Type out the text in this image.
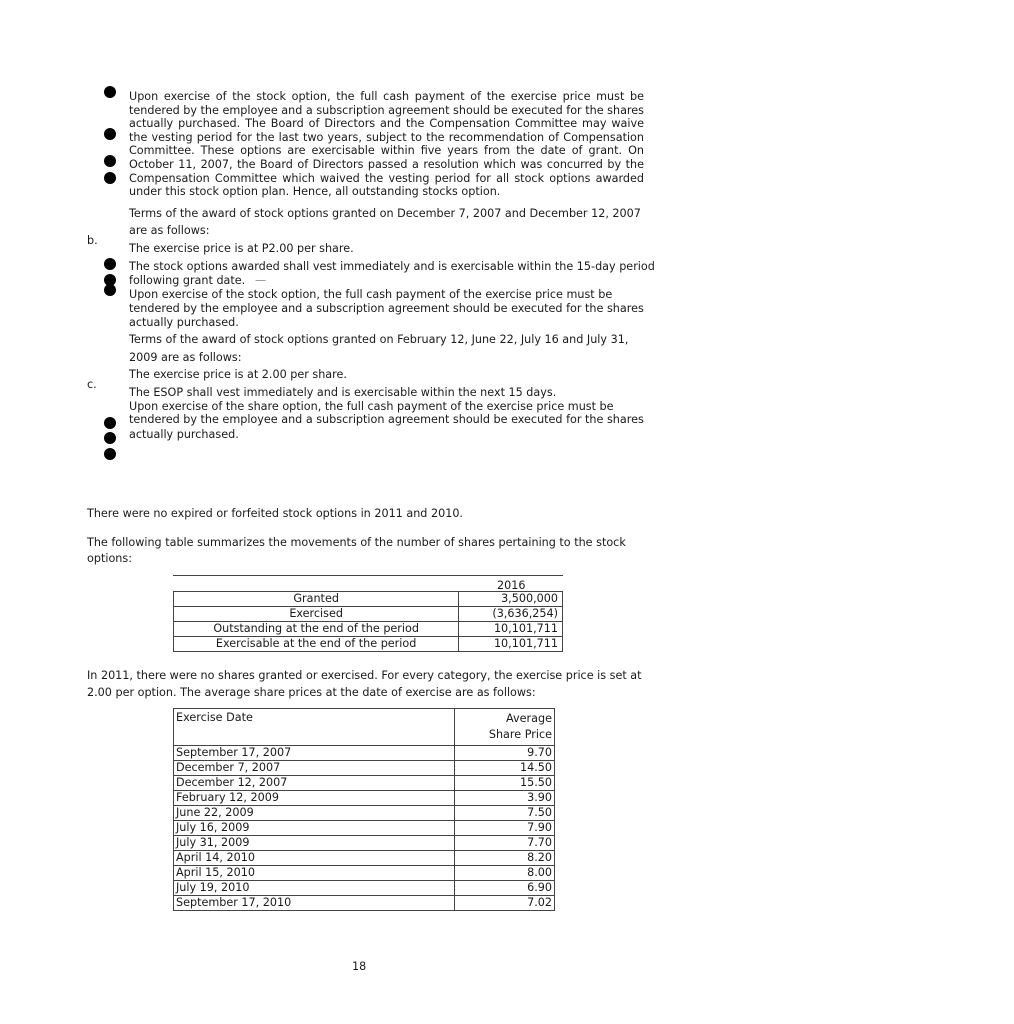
Upon exercise of the stock option, the full cash payment of the exercise price must be tendered by the employee and a subscription agreement should be executed for the shares actually purchased. The Board of Directors and the Compensation Committee may waive the vesting period for the last two years, subject to the recommendation of Compensation Committee. These options are exercisable within five years from the date of grant. On October 11, 2007, the Board of Directors passed a resolution which was concurred by the Compensation Committee which waived the vesting period for all stock options awarded under this stock option plan. Hence, all outstanding stocks option.
Terms of the award of stock options granted on December 7, 2007 and December 12, 2007
are as follows:
b.
The exercise price is at P2.00 per share.
The stock options awarded shall vest immediately and is exercisable within the 15-day period
following grant date. —
Upon exercise of the stock option, the full cash payment of the exercise price must be
tendered by the employee and a subscription agreement should be executed for the shares
actually purchased.
Terms of the award of stock options granted on February 12, June 22, July 16 and July 31,
2009 are as follows:
The exercise price is at 2.00 per share.
c.
The ESOP shall vest immediately and is exercisable within the next 15 days.
Upon exercise of the share option, the full cash payment of the exercise price must be
tendered by the employee and a subscription agreement should be executed for the shares
actually purchased.
There were no expired or forfeited stock options in 2011 and 2010.
The following table summarizes the movements of the number of shares pertaining to the stock
options:
2016
Granted	3,500,000
Exercised	(3,636,254)
Outstanding at the end of the period	10,101,711
Exercisable at the end of the period	10,101,711
In 2011, there were no shares granted or exercised. For every category, the exercise price is set at
2.00 per option. The average share prices at the date of exercise are as follows:
Exercise Date	Average
Share Price

September 17, 2007	9.70
December 7, 2007	14.50
December 12, 2007	15.50
February 12, 2009	3.90
June 22, 2009	7.50
July 16, 2009	7.90
July 31, 2009	7.70
April 14, 2010	8.20
April 15, 2010	8.00
July 19, 2010	6.90
September 17, 2010	7.02
18
